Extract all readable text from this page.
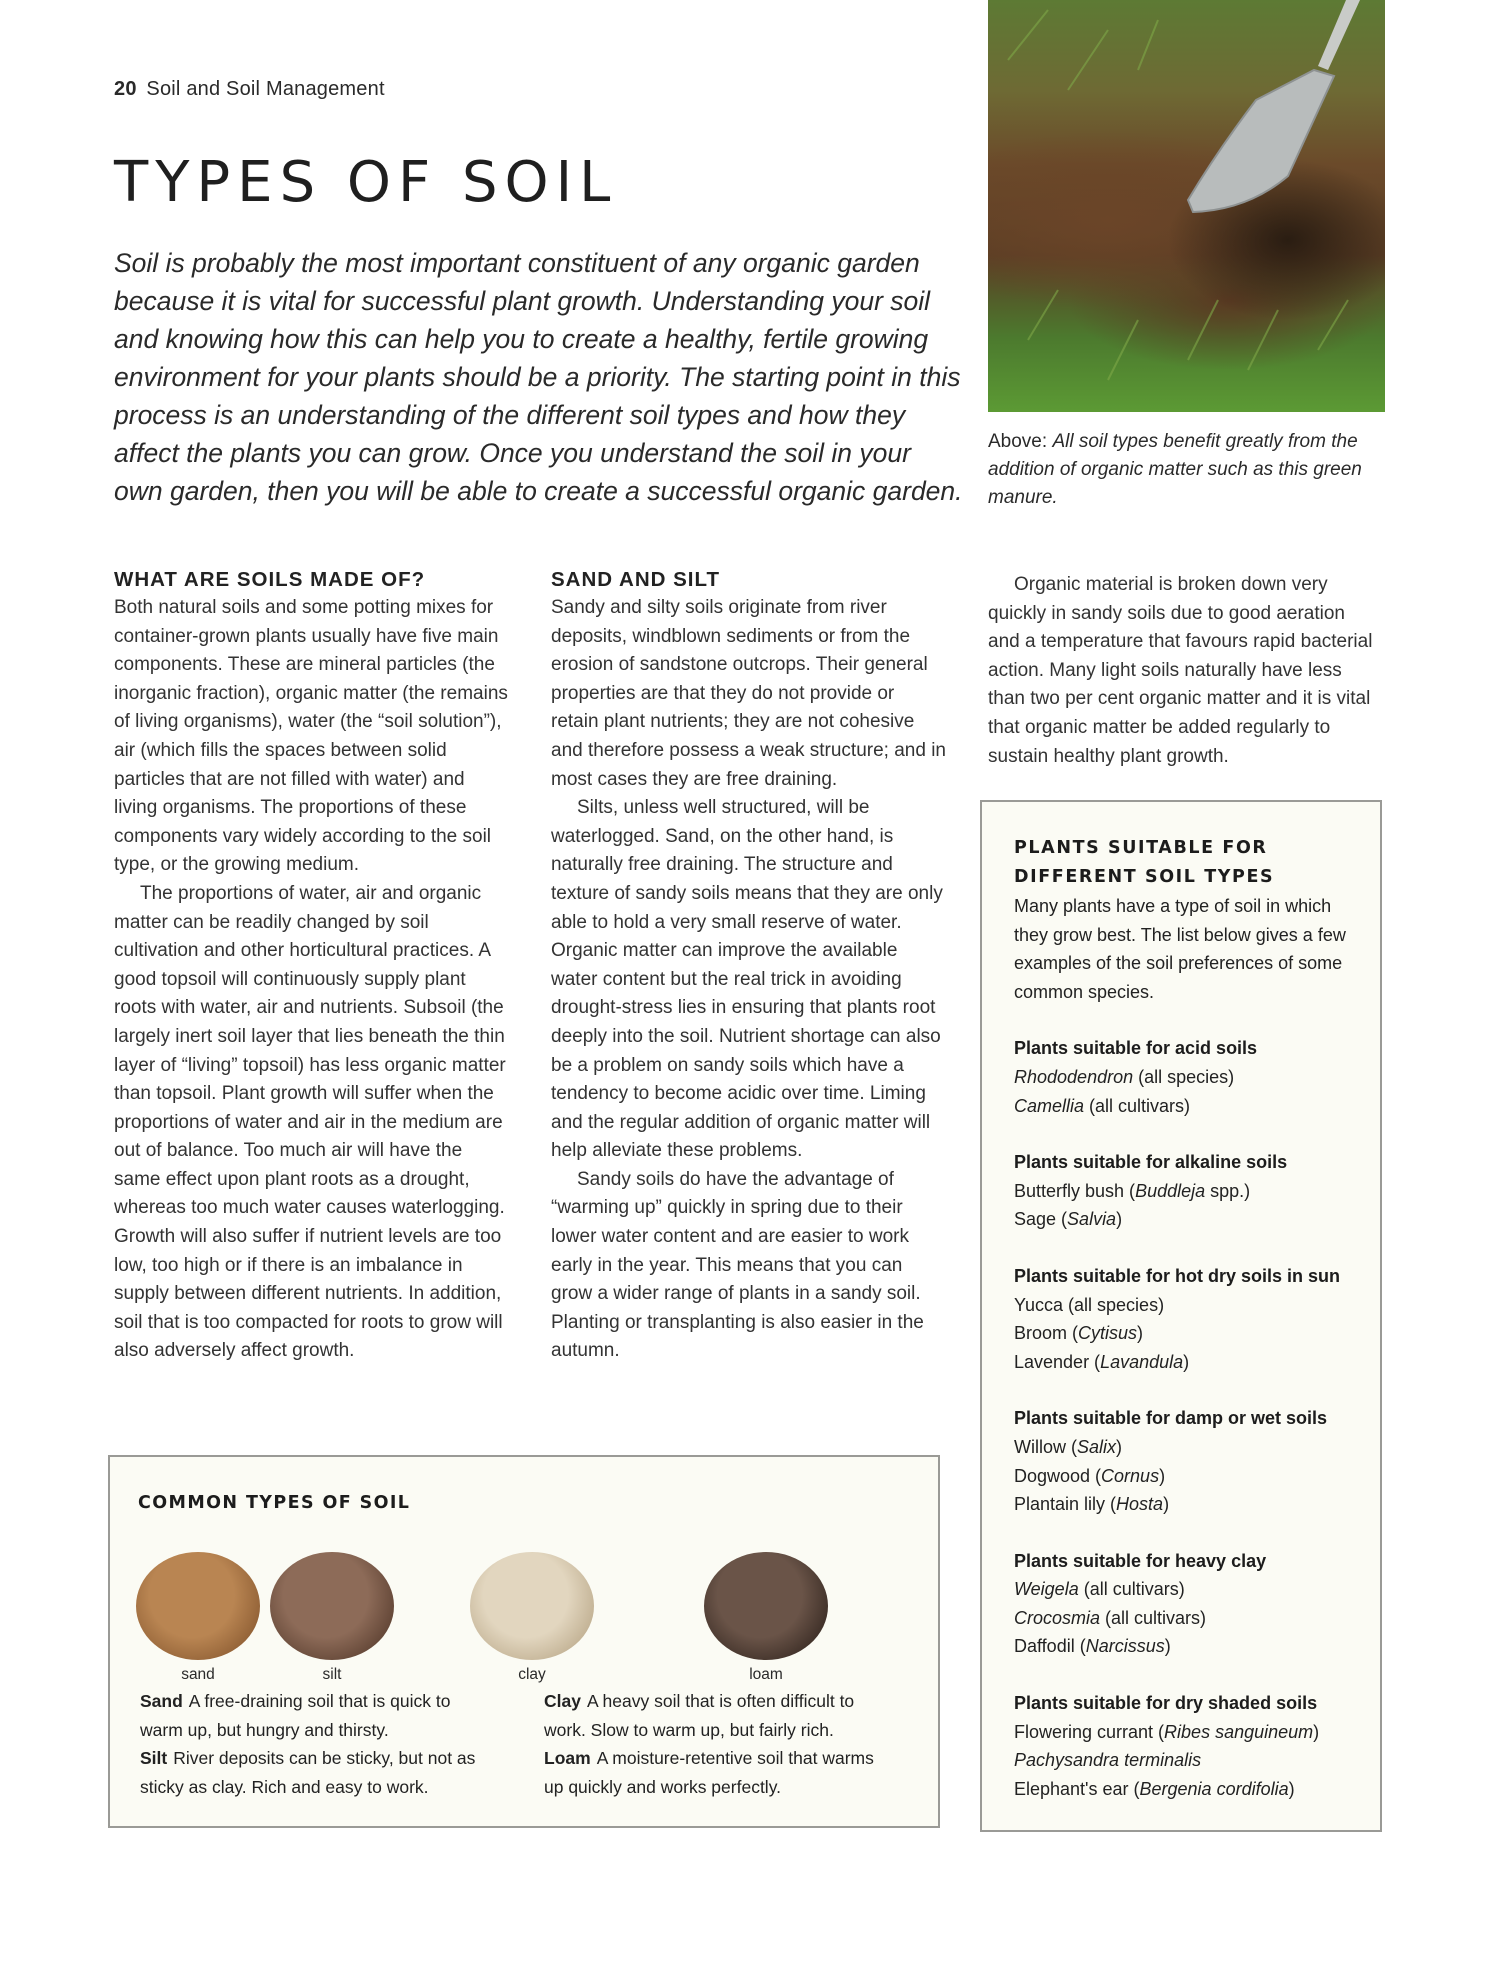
20 Soil and Soil Management
TYPES OF SOIL

Soil is probably the most important constituent of any organic garden because it is vital for successful plant growth. Understanding your soil and knowing how this can help you to create a healthy, fertile growing environment for your plants should be a priority. The starting point in this process is an understanding of the different soil types and how they affect the plants you can grow. Once you understand the soil in your own garden, then you will be able to create a successful organic garden.

Above: All soil types benefit greatly from the addition of organic matter such as this green manure.

WHAT ARE SOILS MADE OF?

Both natural soils and some potting mixes for container-grown plants usually have five main components. These are mineral particles (the inorganic fraction), organic matter (the remains of living organisms), water (the “soil solution”), air (which fills the spaces between solid particles that are not filled with water) and living organisms. The proportions of these components vary widely according to the soil type, or the growing medium.

The proportions of water, air and organic matter can be readily changed by soil cultivation and other horticultural practices. A good topsoil will continuously supply plant roots with water, air and nutrients. Subsoil (the largely inert soil layer that lies beneath the thin layer of “living” topsoil) has less organic matter than topsoil. Plant growth will suffer when the proportions of water and air in the medium are out of balance. Too much air will have the same effect upon plant roots as a drought, whereas too much water causes waterlogging. Growth will also suffer if nutrient levels are too low, too high or if there is an imbalance in supply between different nutrients. In addition, soil that is too compacted for roots to grow will also adversely affect growth.

SAND AND SILT

Sandy and silty soils originate from river deposits, windblown sediments or from the erosion of sandstone outcrops. Their general properties are that they do not provide or retain plant nutrients; they are not cohesive and therefore possess a weak structure; and in most cases they are free draining.

Silts, unless well structured, will be waterlogged. Sand, on the other hand, is naturally free draining. The structure and texture of sandy soils means that they are only able to hold a very small reserve of water. Organic matter can improve the available water content but the real trick in avoiding drought-stress lies in ensuring that plants root deeply into the soil. Nutrient shortage can also be a problem on sandy soils which have a tendency to become acidic over time. Liming and the regular addition of organic matter will help alleviate these problems.

Sandy soils do have the advantage of “warming up” quickly in spring due to their lower water content and are easier to work early in the year. This means that you can grow a wider range of plants in a sandy soil. Planting or transplanting is also easier in the autumn.

Organic material is broken down very quickly in sandy soils due to good aeration and a temperature that favours rapid bacterial action. Many light soils naturally have less than two per cent organic matter and it is vital that organic matter be added regularly to sustain healthy plant growth.

PLANTS SUITABLE FOR
DIFFERENT SOIL TYPES

Many plants have a type of soil in which they grow best. The list below gives a few examples of the soil preferences of some common species.

Plants suitable for acid soils
Rhododendron (all species)
Camellia (all cultivars)
Plants suitable for alkaline soils
Butterfly bush (Buddleja spp.)
Sage (Salvia)
Plants suitable for hot dry soils in sun
Yucca (all species)
Broom (Cytisus)
Lavender (Lavandula)
Plants suitable for damp or wet soils
Willow (Salix)
Dogwood (Cornus)
Plantain lily (Hosta)
Plants suitable for heavy clay
Weigela (all cultivars)
Crocosmia (all cultivars)
Daffodil (Narcissus)
Plants suitable for dry shaded soils
Flowering currant (Ribes sanguineum)
Pachysandra terminalis
Elephant's ear (Bergenia cordifolia)
COMMON TYPES OF SOIL
sand	silt	clay	loam
Sand A free-draining soil that is quick to warm up, but hungry and thirsty.
Silt River deposits can be sticky, but not as sticky as clay. Rich and easy to work.
Clay A heavy soil that is often difficult to work. Slow to warm up, but fairly rich.
Loam A moisture-retentive soil that warms up quickly and works perfectly.
